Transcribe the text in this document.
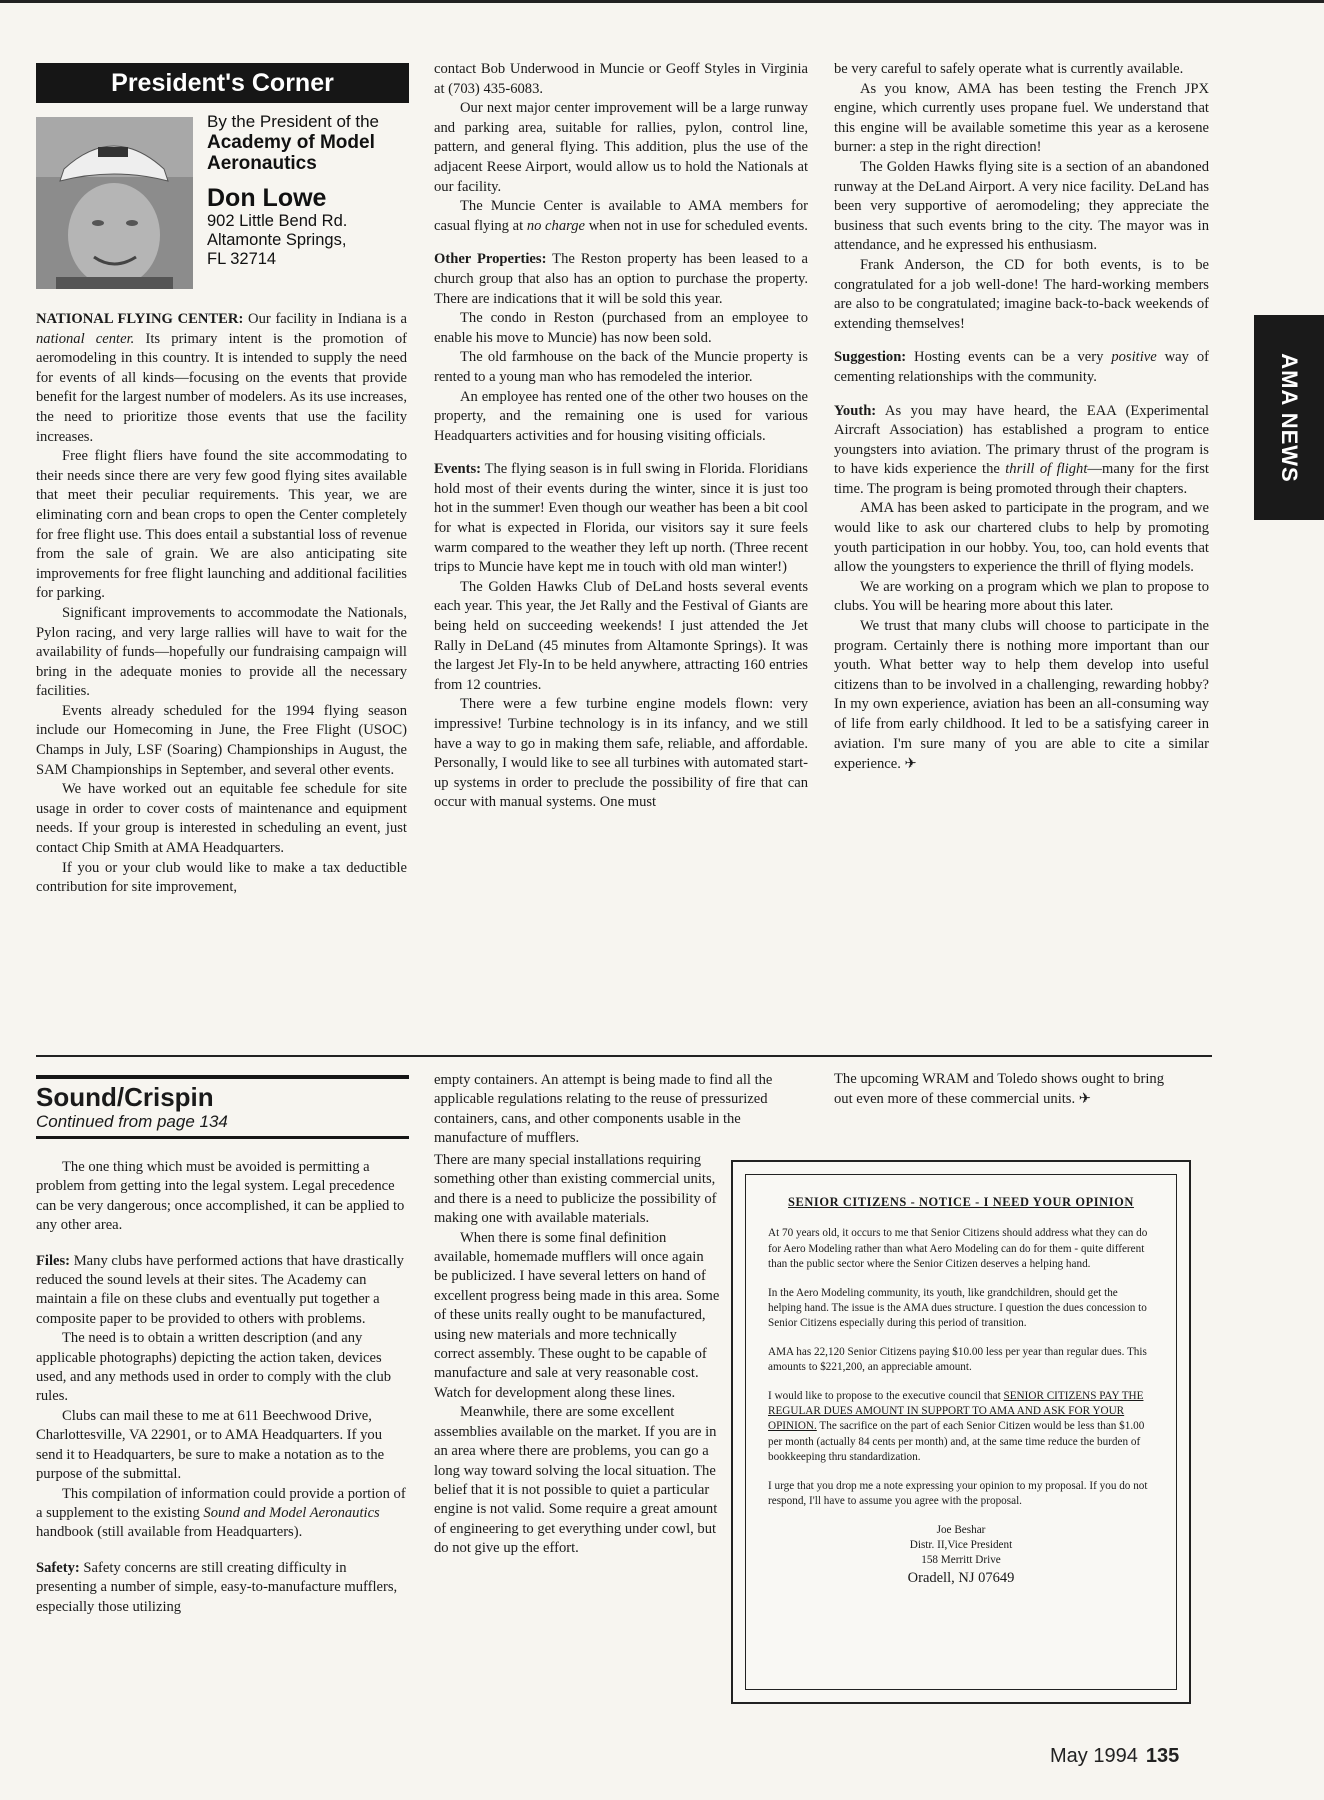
President's Corner
By the President of the
Academy of Model
Aeronautics
Don Lowe
902 Little Bend Rd.
Altamonte Springs,
FL 32714
AMA NEWS

NATIONAL FLYING CENTER: Our facility in Indiana is a national center. Its primary intent is the promotion of aeromodeling in this country. It is intended to supply the need for events of all kinds—focusing on the events that provide benefit for the largest number of modelers. As its use increases, the need to prioritize those events that use the facility increases.

Free flight fliers have found the site accommodating to their needs since there are very few good flying sites available that meet their peculiar requirements. This year, we are eliminating corn and bean crops to open the Center completely for free flight use. This does entail a substantial loss of revenue from the sale of grain. We are also anticipating site improvements for free flight launching and additional facilities for parking.

Significant improvements to accommodate the Nationals, Pylon racing, and very large rallies will have to wait for the availability of funds—hopefully our fundraising campaign will bring in the adequate monies to provide all the necessary facilities.

Events already scheduled for the 1994 flying season include our Homecoming in June, the Free Flight (USOC) Champs in July, LSF (Soaring) Championships in August, the SAM Championships in September, and several other events.

We have worked out an equitable fee schedule for site usage in order to cover costs of maintenance and equipment needs. If your group is interested in scheduling an event, just contact Chip Smith at AMA Headquarters.

If you or your club would like to make a tax deductible contribution for site improvement,

contact Bob Underwood in Muncie or Geoff Styles in Virginia at (703) 435-6083.

Our next major center improvement will be a large runway and parking area, suitable for rallies, pylon, control line, pattern, and general flying. This addition, plus the use of the adjacent Reese Airport, would allow us to hold the Nationals at our facility.

The Muncie Center is available to AMA members for casual flying at no charge when not in use for scheduled events.

Other Properties: The Reston property has been leased to a church group that also has an option to purchase the property. There are indications that it will be sold this year.

The condo in Reston (purchased from an employee to enable his move to Muncie) has now been sold.

The old farmhouse on the back of the Muncie property is rented to a young man who has remodeled the interior.

An employee has rented one of the other two houses on the property, and the remaining one is used for various Headquarters activities and for housing visiting officials.

Events: The flying season is in full swing in Florida. Floridians hold most of their events during the winter, since it is just too hot in the summer! Even though our weather has been a bit cool for what is expected in Florida, our visitors say it sure feels warm compared to the weather they left up north. (Three recent trips to Muncie have kept me in touch with old man winter!)

The Golden Hawks Club of DeLand hosts several events each year. This year, the Jet Rally and the Festival of Giants are being held on succeeding weekends! I just attended the Jet Rally in DeLand (45 minutes from Altamonte Springs). It was the largest Jet Fly-In to be held anywhere, attracting 160 entries from 12 countries.

There were a few turbine engine models flown: very impressive! Turbine technology is in its infancy, and we still have a way to go in making them safe, reliable, and affordable. Personally, I would like to see all turbines with automated start-up systems in order to preclude the possibility of fire that can occur with manual systems. One must

be very careful to safely operate what is currently available.

As you know, AMA has been testing the French JPX engine, which currently uses propane fuel. We understand that this engine will be available sometime this year as a kerosene burner: a step in the right direction!

The Golden Hawks flying site is a section of an abandoned runway at the DeLand Airport. A very nice facility. DeLand has been very supportive of aeromodeling; they appreciate the business that such events bring to the city. The mayor was in attendance, and he expressed his enthusiasm.

Frank Anderson, the CD for both events, is to be congratulated for a job well-done! The hard-working members are also to be congratulated; imagine back-to-back weekends of extending themselves!

Suggestion: Hosting events can be a very positive way of cementing relationships with the community.

Youth: As you may have heard, the EAA (Experimental Aircraft Association) has established a program to entice youngsters into aviation. The primary thrust of the program is to have kids experience the thrill of flight—many for the first time. The program is being promoted through their chapters.

AMA has been asked to participate in the program, and we would like to ask our chartered clubs to help by promoting youth participation in our hobby. You, too, can hold events that allow the youngsters to experience the thrill of flying models.

We are working on a program which we plan to propose to clubs. You will be hearing more about this later.

We trust that many clubs will choose to participate in the program. Certainly there is nothing more important than our youth. What better way to help them develop into useful citizens than to be involved in a challenging, rewarding hobby? In my own experience, aviation has been an all-consuming way of life from early childhood. It led to be a satisfying career in aviation. I'm sure many of you are able to cite a similar experience. ✈

Sound/Crispin
Continued from page 134

The one thing which must be avoided is permitting a problem from getting into the legal system. Legal precedence can be very dangerous; once accomplished, it can be applied to any other area.

Files: Many clubs have performed actions that have drastically reduced the sound levels at their sites. The Academy can maintain a file on these clubs and eventually put together a composite paper to be provided to others with problems.

The need is to obtain a written description (and any applicable photographs) depicting the action taken, devices used, and any methods used in order to comply with the club rules.

Clubs can mail these to me at 611 Beechwood Drive, Charlottesville, VA 22901, or to AMA Headquarters. If you send it to Headquarters, be sure to make a notation as to the purpose of the submittal.

This compilation of information could provide a portion of a supplement to the existing Sound and Model Aeronautics handbook (still available from Headquarters).

Safety: Safety concerns are still creating difficulty in presenting a number of simple, easy-to-manufacture mufflers, especially those utilizing

empty containers. An attempt is being made to find all the applicable regulations relating to the reuse of pressurized containers, cans, and other components usable in the manufacture of mufflers.

There are many special installations requiring something other than existing commercial units, and there is a need to publicize the possibility of making one with available materials.

When there is some final definition available, homemade mufflers will once again be publicized. I have several letters on hand of excellent progress being made in this area. Some of these units really ought to be manufactured, using new materials and more technically correct assembly. These ought to be capable of manufacture and sale at very reasonable cost. Watch for development along these lines.

Meanwhile, there are some excellent assemblies available on the market. If you are in an area where there are problems, you can go a long way toward solving the local situation. The belief that it is not possible to quiet a particular engine is not valid. Some require a great amount of engineering to get everything under cowl, but do not give up the effort.

The upcoming WRAM and Toledo shows ought to bring out even more of these commercial units. ✈

SENIOR CITIZENS - NOTICE - I NEED YOUR OPINION

At 70 years old, it occurs to me that Senior Citizens should address what they can do for Aero Modeling rather than what Aero Modeling can do for them - quite different than the public sector where the Senior Citizen deserves a helping hand.

In the Aero Modeling community, its youth, like grandchildren, should get the helping hand. The issue is the AMA dues structure. I question the dues concession to Senior Citizens especially during this period of transition.

AMA has 22,120 Senior Citizens paying $10.00 less per year than regular dues. This amounts to $221,200, an appreciable amount.

I would like to propose to the executive council that SENIOR CITIZENS PAY THE REGULAR DUES AMOUNT IN SUPPORT TO AMA AND ASK FOR YOUR OPINION. The sacrifice on the part of each Senior Citizen would be less than $1.00 per month (actually 84 cents per month) and, at the same time reduce the burden of bookkeeping thru standardization.

I urge that you drop me a note expressing your opinion to my proposal. If you do not respond, I'll have to assume you agree with the proposal.

Joe Beshar
Distr. II,Vice President
158 Merritt Drive
Oradell, NJ 07649
May 1994 135
